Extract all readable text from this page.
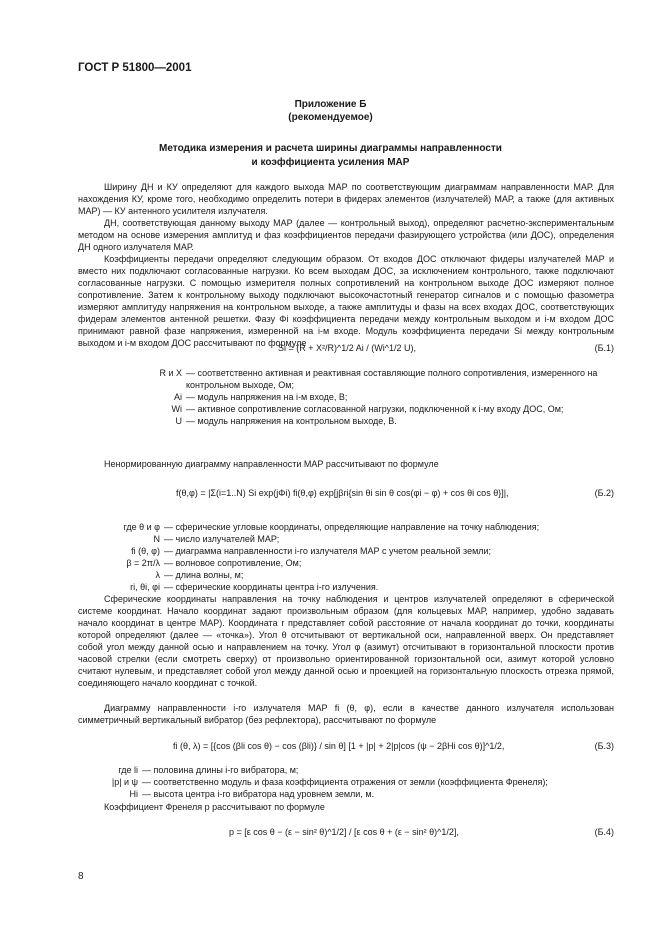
ГОСТ Р 51800—2001
Приложение Б
(рекомендуемое)
Методика измерения и расчета ширины диаграммы направленности
и коэффициента усиления МАР
Ширину ДН и КУ определяют для каждого выхода МАР по соответствующим диаграммам направленности МАР. Для нахождения КУ, кроме того, необходимо определить потери в фидерах элементов (излучателей) МАР, а также (для активных МАР) — КУ антенного усилителя излучателя.
ДН, соответствующая данному выходу МАР (далее — контрольный выход), определяют расчетно-экспериментальным методом на основе измерения амплитуд и фаз коэффициентов передачи фазирующего устройства (или ДОС), определения ДН одного излучателя МАР.
Коэффициенты передачи определяют следующим образом. От входов ДОС отключают фидеры излучателей МАР и вместо них подключают согласованные нагрузки. Ко всем выходам ДОС, за исключением контрольного, также подключают согласованные нагрузки. С помощью измерителя полных сопротивлений на контрольном выходе ДОС измеряют полное сопротивление. Затем к контрольному выходу подключают высокочастотный генератор сигналов и с помощью фазометра измеряют амплитуду напряжения на контрольном выходе, а также амплитуды и фазы на всех входах ДОС, соответствующих фидерам элементов антенной решетки. Фазу Φi коэффициента передачи между контрольным выходом и i-м входом ДОС принимают равной фазе напряжения, измеренной на i-м входе. Модуль коэффициента передачи Si между контрольным выходом и i-м входом ДОС рассчитывают по формуле
Si = (R + X²/R)^1/2 Ai / (Wi^1/2 U),	(Б.1)
R и X — соответственно активная и реактивная составляющие полного сопротивления, измеренного на контрольном выходе, Ом;
Ai — модуль напряжения на i-м входе, В;
Wi — активное сопротивление согласованной нагрузки, подключенной к i-му входу ДОС, Ом;
U — модуль напряжения на контрольном выходе, В.
Ненормированную диаграмму направленности МАР рассчитывают по формуле
f(θ,φ) = |Σ(i=1..N) Si exp(jΦi) fi(θ,φ) exp[jβri{sin θi sin θ cos(φi − φ) + cos θi cos θ}]|,	(Б.2)
где θ и φ — сферические угловые координаты, определяющие направление на точку наблюдения;
N — число излучателей МАР;
fi (θ, φ) — диаграмма направленности i-го излучателя МАР с учетом реальной земли;
β = 2π/λ — волновое сопротивление, Ом;
λ — длина волны, м;
ri, θi, φi — сферические координаты центра i-го излучения.
Сферические координаты направления на точку наблюдения и центров излучателей определяют в сферической системе координат. Начало координат задают произвольным образом (для кольцевых МАР, например, удобно задавать начало координат в центре МАР). Координата r представляет собой расстояние от начала координат до точки, координаты которой определяют (далее — «точка»). Угол θ отсчитывают от вертикальной оси, направленной вверх. Он представляет собой угол между данной осью и направлением на точку. Угол φ (азимут) отсчитывают в горизонтальной плоскости против часовой стрелки (если смотреть сверху) от произвольно ориентированной горизонтальной оси, азимут которой условно считают нулевым, и представляет собой угол между данной осью и проекцией на горизонтальную плоскость отрезка прямой, соединяющего начало координат с точкой.
Диаграмму направленности i-го излучателя МАР fi (θ, φ), если в качестве данного излучателя использован симметричный вертикальный вибратор (без рефлектора), рассчитывают по формуле
fi (θ, λ) = [{cos (βli cos θ) − cos (βli)} / sin θ] [1 + |p| + 2|p|cos (ψ − 2βHi cos θ)]^1/2,	(Б.3)
где li — половина длины i-го вибратора, м;
|p| и ψ — соответственно модуль и фаза коэффициента отражения от земли (коэффициента Френеля);
Hi — высота центра i-го вибратора над уровнем земли, м.
Коэффициент Френеля p рассчитывают по формуле
p = [ε cos θ − (ε − sin² θ)^1/2] / [ε cos θ + (ε − sin² θ)^1/2],	(Б.4)
8
